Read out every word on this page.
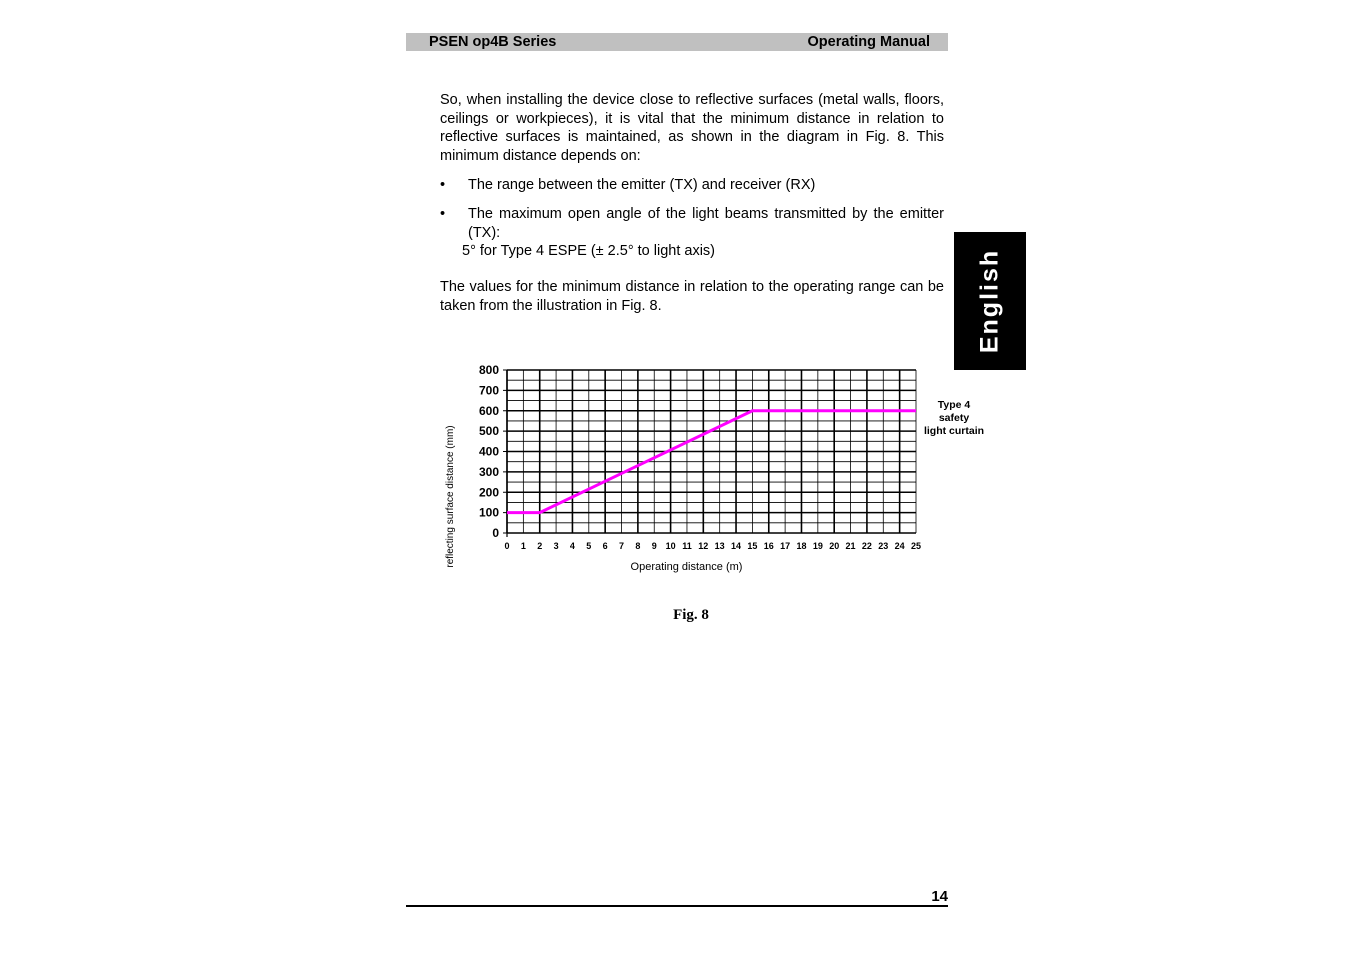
PSEN op4B Series	Operating Manual

So, when installing the device close to reflective surfaces (metal walls, floors, ceilings or workpieces), it is vital that the minimum distance in relation to reflective surfaces is maintained, as shown in the diagram in Fig. 8. This minimum distance depends on:

• The range between the emitter (TX) and receiver (RX)
• The maximum open angle of the light beams transmitted by the emitter (TX):
5° for Type 4 ESPE (± 2.5° to light axis)

The values for the minimum distance in relation to the operating range can be taken from the illustration in Fig. 8.	English
0
100
200
300
400
500
600
700
800
0 1 2 3 4 5 6 7 8 9 10 11 12 13 14 15 16 17 18 19 20 21 22 23 24 25
Operating distance (m)
reflecting surface distance (mm)
Type 4
safety
light curtain
Fig. 8
14
